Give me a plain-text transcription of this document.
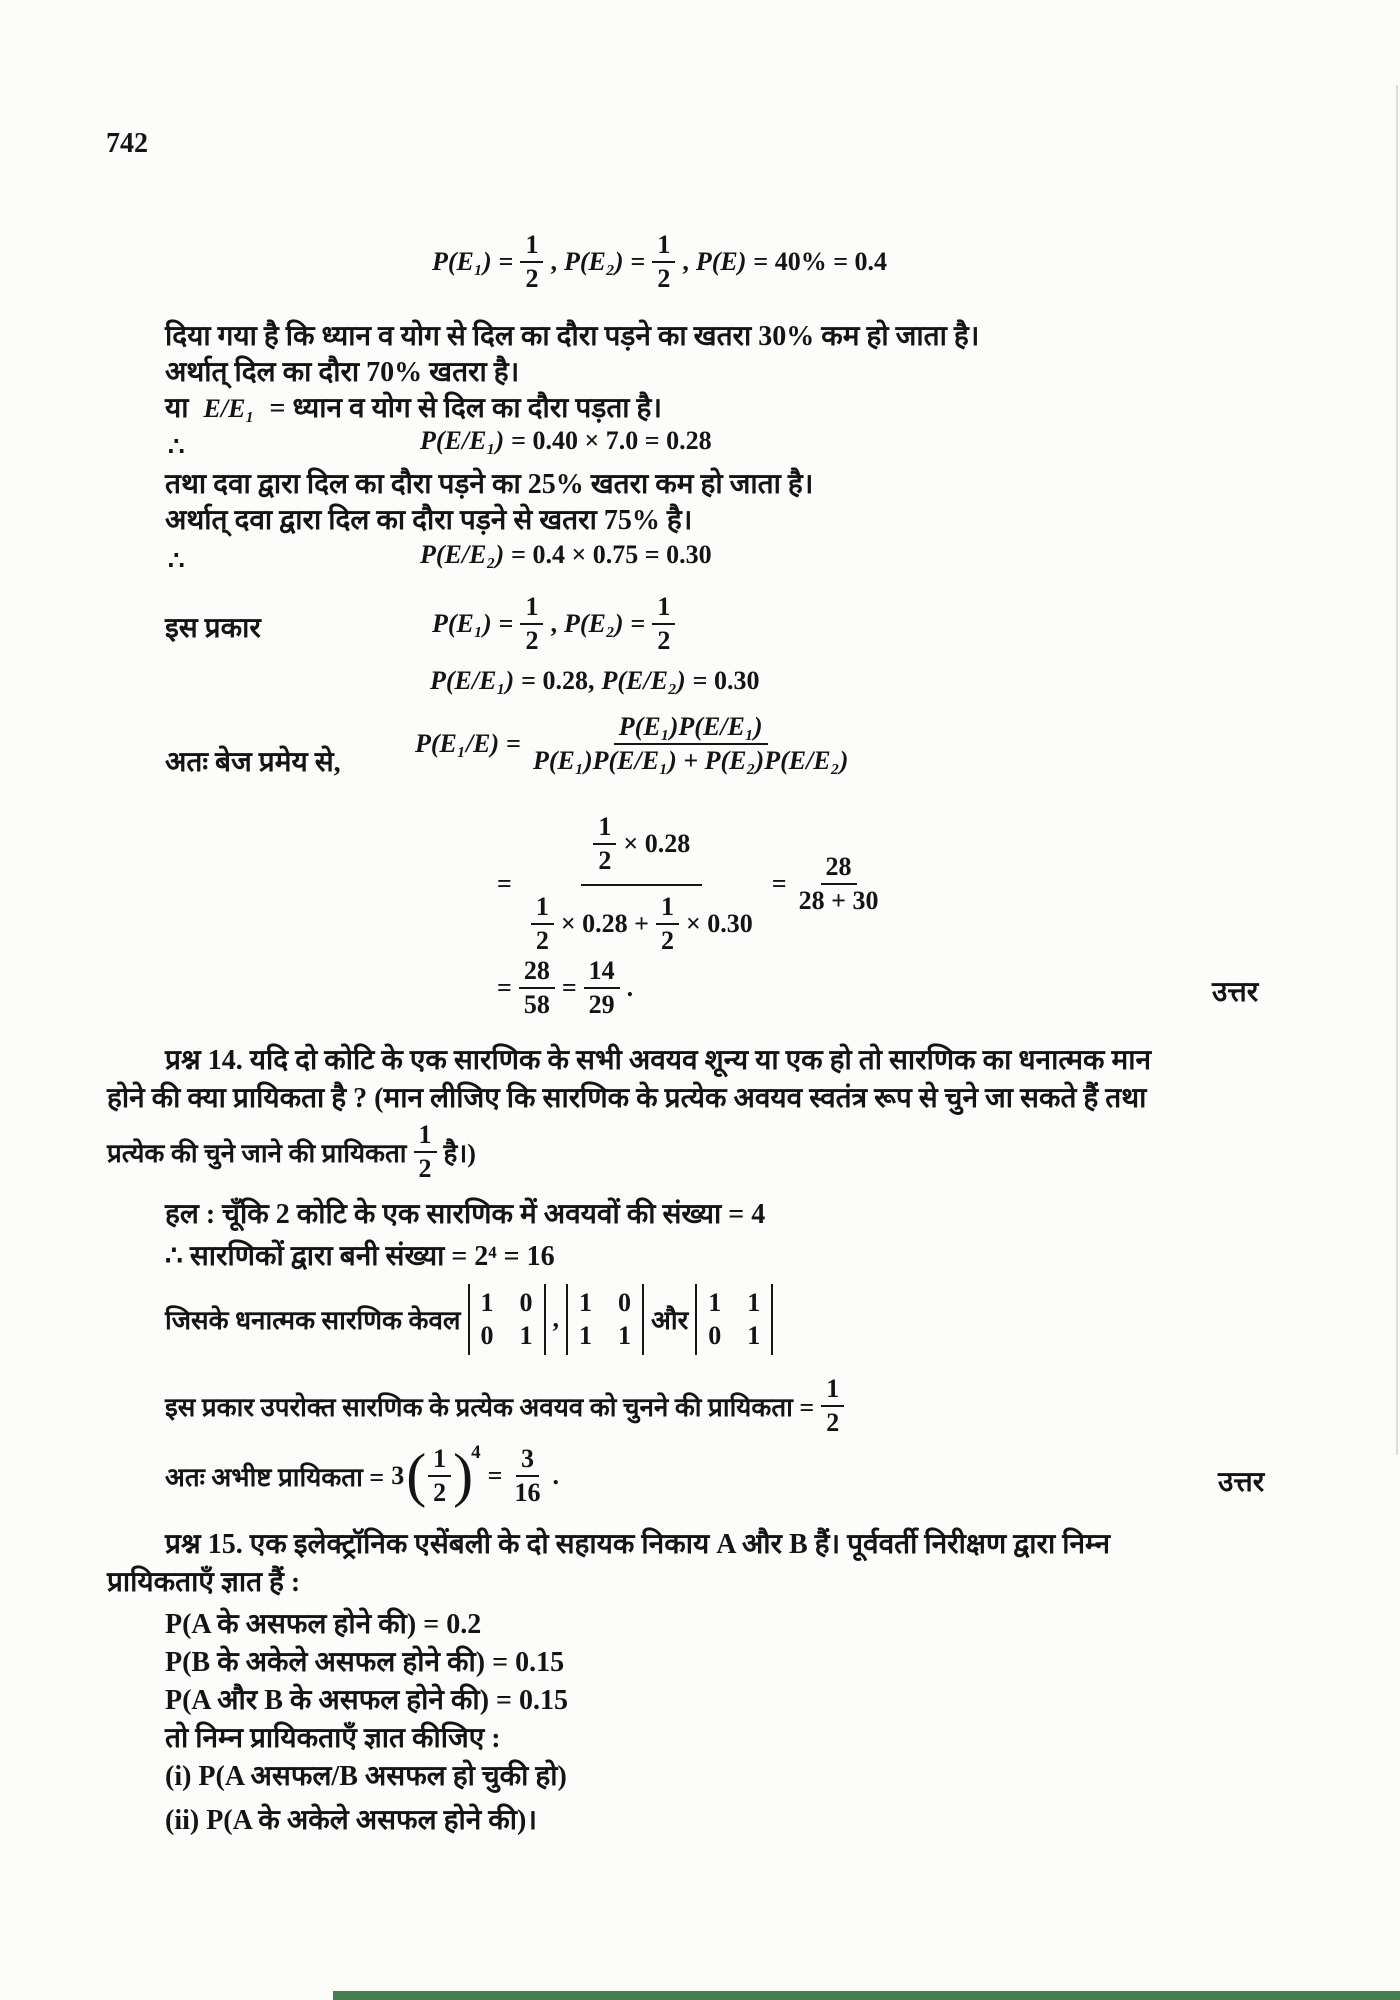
742
$P(E_1) = \frac{1}{2}$ , $P(E_2) = \frac{1}{2}$ , P(E) = 40% = 0.4
दिया गया है कि ध्यान व योग से दिल का दौरा पड़ने का खतरा 30% कम हो जाता है।
अर्थात् दिल का दौरा 70% खतरा है।
या E/E₁ = ध्यान व योग से दिल का दौरा पड़ता है।
∴	P(E/E₁) = 0.40 × 7.0 = 0.28
तथा दवा द्वारा दिल का दौरा पड़ने का 25% खतरा कम हो जाता है।
अर्थात् दवा द्वारा दिल का दौरा पड़ने से खतरा 75% है।
∴	P(E/E₂) = 0.4 × 0.75 = 0.30
इस प्रकार	$P(E_1) = \frac{1}{2}$ , $P(E_2) = \frac{1}{2}$
P(E/E₁) = 0.28, P(E/E₂) = 0.30
अतः बेज प्रमेय से,
$P(E_1/E) = \frac{\text{P(E₁)P(E/E₁)}}{\text{P(E₁)P(E/E₁) + P(E₂)P(E/E₂)}}$
=
$\frac{1}{2} \times 0.28$
$\frac{1}{2} \times 0.28 + \frac{1}{2} \times 0.30$
= $\frac{28}{28 + 30}$
= $\frac{28}{58} = \frac{14}{29}$ .	उत्तर
प्रश्न 14. यदि दो कोटि के एक सारणिक के सभी अवयव शून्य या एक हो तो सारणिक का धनात्मक मान
होने की क्या प्रायिकता है ? (मान लीजिए कि सारणिक के प्रत्येक अवयव स्वतंत्र रूप से चुने जा सकते हैं तथा
प्रत्येक की चुने जाने की प्रायिकता $\frac{1}{2}$ है।)
हल : चूँकि 2 कोटि के एक सारणिक में अवयवों की संख्या = 4
∴ सारणिकों द्वारा बनी संख्या = 2⁴ = 16
जिसके धनात्मक सारणिक केवल
1 0
0 1
,
1 0
1 1
और
1 1
0 1
इस प्रकार उपरोक्त सारणिक के प्रत्येक अवयव को चुनने की प्रायिकता = $\frac{1}{2}$
अतः अभीष्ट प्रायिकता = 3 ( $\frac{1}{2}$ )
4
= $\frac{3}{16}$ .	उत्तर
प्रश्न 15. एक इलेक्ट्रॉनिक एसेंबली के दो सहायक निकाय A और B हैं। पूर्ववर्ती निरीक्षण द्वारा निम्न
प्रायिकताएँ ज्ञात हैं :
P(A के असफल होने की) = 0.2
P(B के अकेले असफल होने की) = 0.15
P(A और B के असफल होने की) = 0.15
तो निम्न प्रायिकताएँ ज्ञात कीजिए :
(i) P(A असफल/B असफल हो चुकी हो)
(ii) P(A के अकेले असफल होने की)।
